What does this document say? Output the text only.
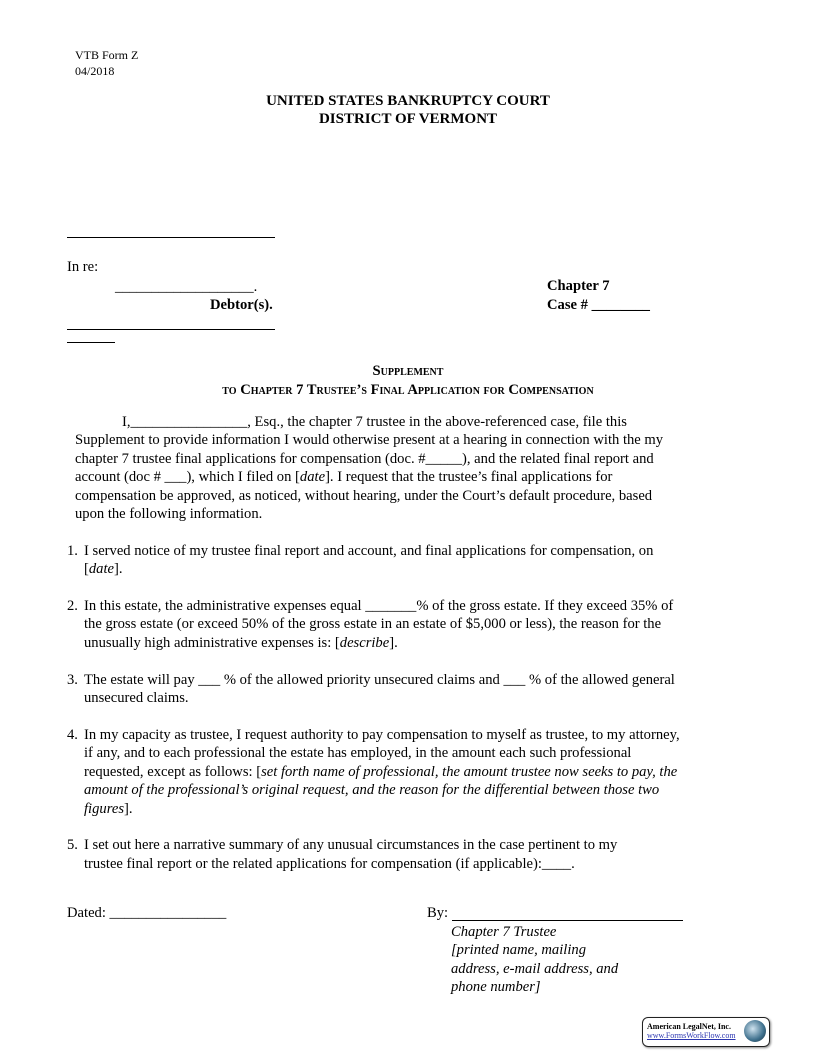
VTB Form Z
04/2018
UNITED STATES BANKRUPTCY COURT
DISTRICT OF VERMONT
In re:
___________________.
Debtor(s).
Chapter 7
Case # ________
Supplement
to Chapter 7 Trustee’s Final Application for Compensation
I,________________, Esq., the chapter 7 trustee in the above-referenced case, file this
Supplement to provide information I would otherwise present at a hearing in connection with the my
chapter 7 trustee final applications for compensation (doc. #_____), and the related final report and
account (doc # ___), which I filed on [date]. I request that the trustee’s final applications for
compensation be approved, as noticed, without hearing, under the Court’s default procedure, based
upon the following information.
1. I served notice of my trustee final report and account, and final applications for compensation, on
[date].
2. In this estate, the administrative expenses equal _______% of the gross estate. If they exceed 35% of
the gross estate (or exceed 50% of the gross estate in an estate of $5,000 or less), the reason for the
unusually high administrative expenses is: [describe].
3. The estate will pay ___ % of the allowed priority unsecured claims and ___ % of the allowed general
unsecured claims.
4. In my capacity as trustee, I request authority to pay compensation to myself as trustee, to my attorney,
if any, and to each professional the estate has employed, in the amount each such professional
requested, except as follows: [set forth name of professional, the amount trustee now seeks to pay, the
amount of the professional’s original request, and the reason for the differential between those two
figures].
5. I set out here a narrative summary of any unusual circumstances in the case pertinent to my
trustee final report or the related applications for compensation (if applicable):____.
Dated: ________________	By:
Chapter 7 Trustee
[printed name, mailing
address, e-mail address, and
phone number]
American LegalNet, Inc.
www.FormsWorkFlow.com
